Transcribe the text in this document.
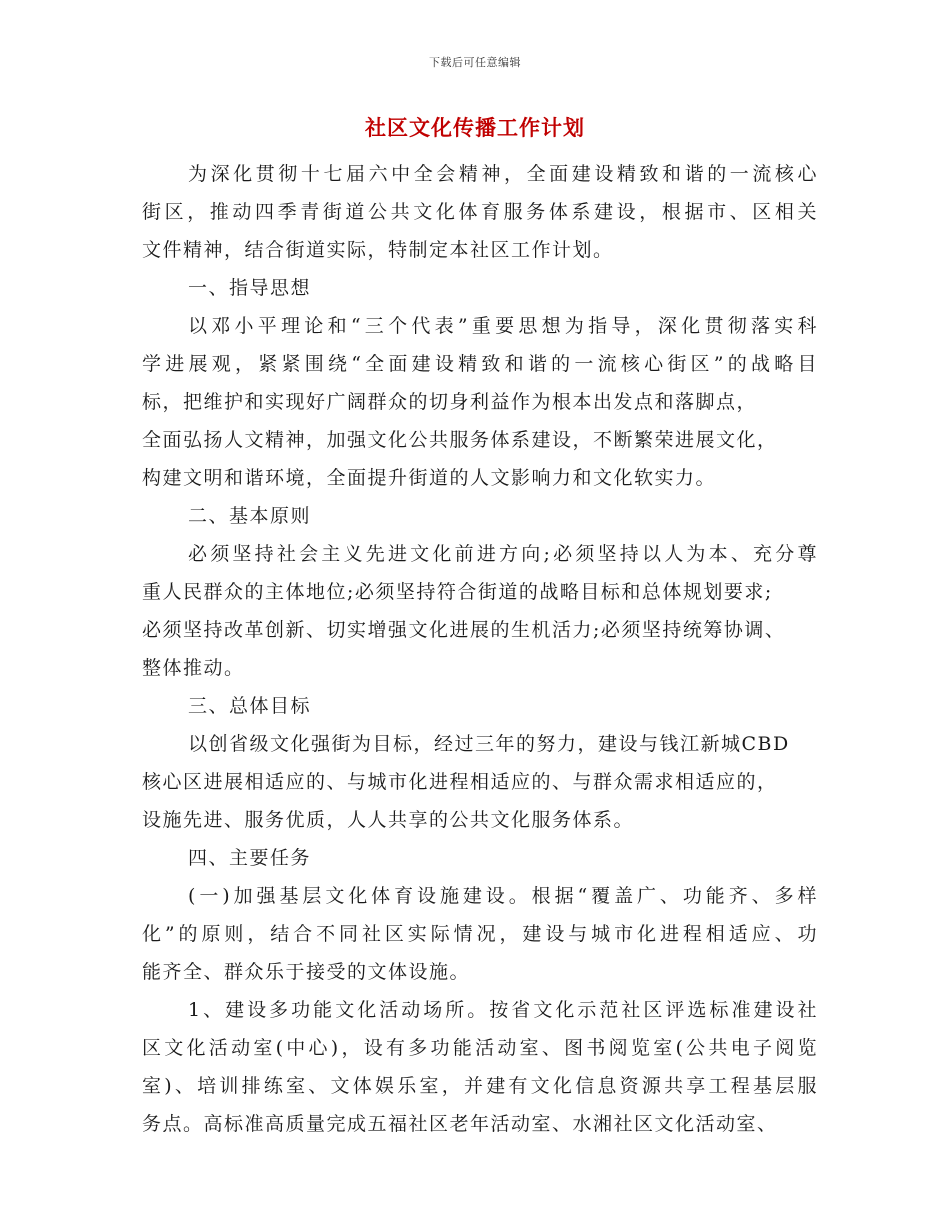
下载后可任意编辑
社区文化传播工作计划
为深化贯彻十七届六中全会精神，全面建设精致和谐的一流核心
街区，推动四季青街道公共文化体育服务体系建设，根据市、区相关
文件精神，结合街道实际，特制定本社区工作计划。
一、指导思想
以邓小平理论和“三个代表”重要思想为指导，深化贯彻落实科
学进展观，紧紧围绕“全面建设精致和谐的一流核心街区”的战略目
标，把维护和实现好广阔群众的切身利益作为根本出发点和落脚点，
全面弘扬人文精神，加强文化公共服务体系建设，不断繁荣进展文化，
构建文明和谐环境，全面提升街道的人文影响力和文化软实力。
二、基本原则
必须坚持社会主义先进文化前进方向;必须坚持以人为本、充分尊
重人民群众的主体地位;必须坚持符合街道的战略目标和总体规划要求;
必须坚持改革创新、切实增强文化进展的生机活力;必须坚持统筹协调、
整体推动。
三、总体目标
以创省级文化强街为目标，经过三年的努力，建设与钱江新城CBD
核心区进展相适应的、与城市化进程相适应的、与群众需求相适应的，
设施先进、服务优质，人人共享的公共文化服务体系。
四、主要任务
(一)加强基层文化体育设施建设。根据“覆盖广、功能齐、多样
化”的原则，结合不同社区实际情况，建设与城市化进程相适应、功
能齐全、群众乐于接受的文体设施。
1、建设多功能文化活动场所。按省文化示范社区评选标准建设社
区文化活动室(中心)，设有多功能活动室、图书阅览室(公共电子阅览
室)、培训排练室、文体娱乐室，并建有文化信息资源共享工程基层服
务点。高标准高质量完成五福社区老年活动室、水湘社区文化活动室、
